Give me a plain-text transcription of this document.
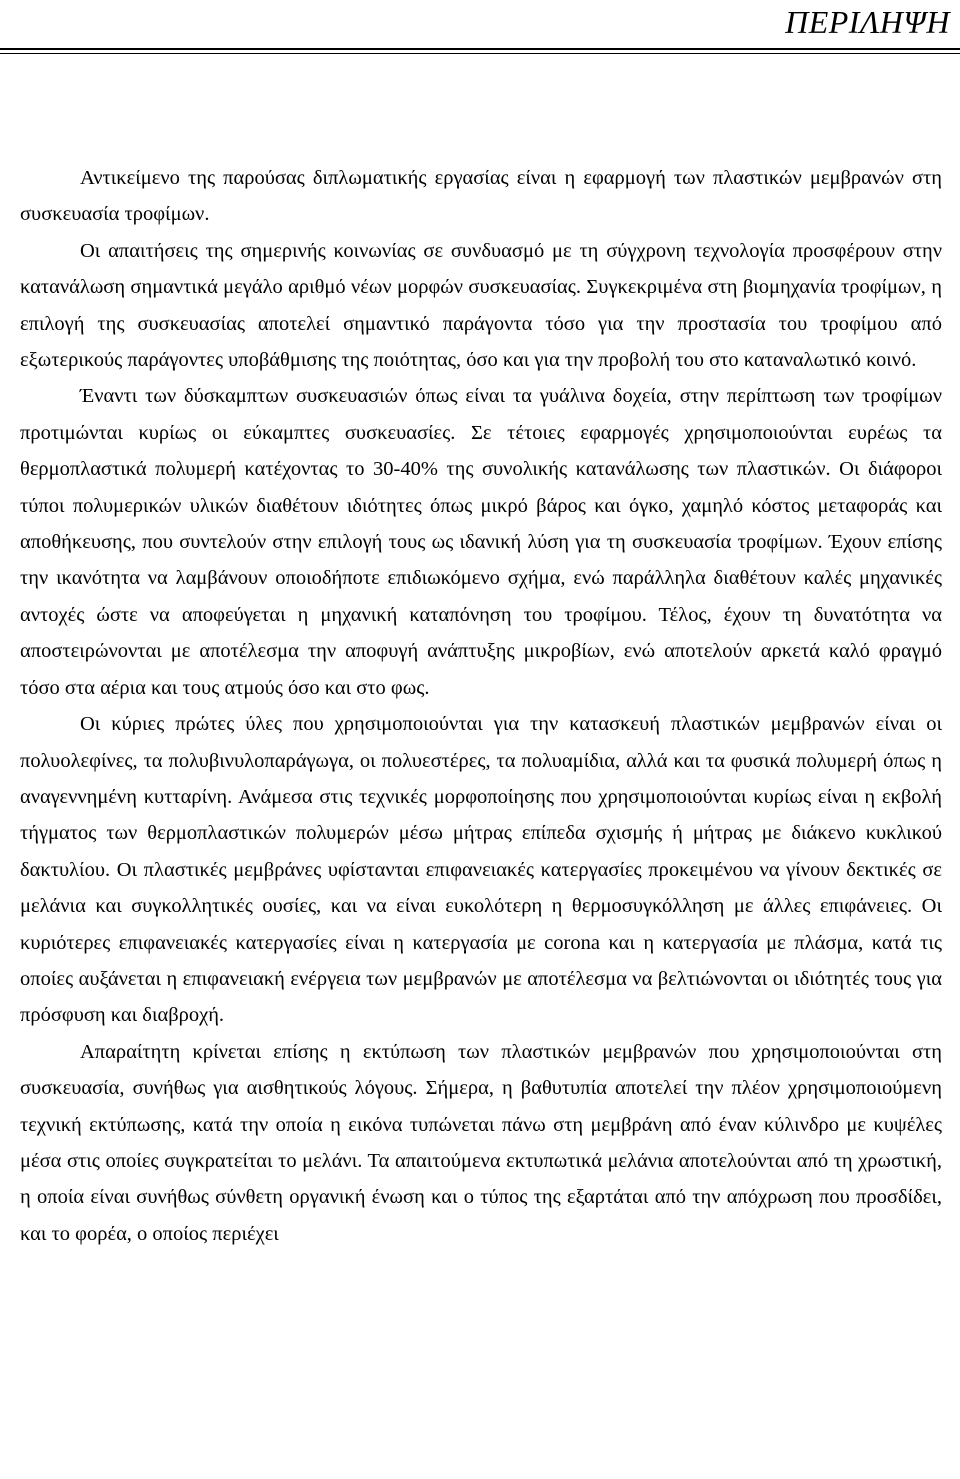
ΠΕΡΙΛΗΨΗ

Αντικείμενο της παρούσας διπλωματικής εργασίας είναι η εφαρμογή των πλαστικών μεμβρανών στη συσκευασία τροφίμων.

Οι απαιτήσεις της σημερινής κοινωνίας σε συνδυασμό με τη σύγχρονη τεχνολογία προσφέρουν στην κατανάλωση σημαντικά μεγάλο αριθμό νέων μορφών συσκευασίας. Συγκεκριμένα στη βιομηχανία τροφίμων, η επιλογή της συσκευασίας αποτελεί σημαντικό παράγοντα τόσο για την προστασία του τροφίμου από εξωτερικούς παράγοντες υποβάθμισης της ποιότητας, όσο και για την προβολή του στο καταναλωτικό κοινό.

Έναντι των δύσκαμπτων συσκευασιών όπως είναι τα γυάλινα δοχεία, στην περίπτωση των τροφίμων προτιμώνται κυρίως οι εύκαμπτες συσκευασίες. Σε τέτοιες εφαρμογές χρησιμοποιούνται ευρέως τα θερμοπλαστικά πολυμερή κατέχοντας το 30-40% της συνολικής κατανάλωσης των πλαστικών. Οι διάφοροι τύποι πολυμερικών υλικών διαθέτουν ιδιότητες όπως μικρό βάρος και όγκο, χαμηλό κόστος μεταφοράς και αποθήκευσης, που συντελούν στην επιλογή τους ως ιδανική λύση για τη συσκευασία τροφίμων. Έχουν επίσης την ικανότητα να λαμβάνουν οποιοδήποτε επιδιωκόμενο σχήμα, ενώ παράλληλα διαθέτουν καλές μηχανικές αντοχές ώστε να αποφεύγεται η μηχανική καταπόνηση του τροφίμου. Τέλος, έχουν τη δυνατότητα να αποστειρώνονται με αποτέλεσμα την αποφυγή ανάπτυξης μικροβίων, ενώ αποτελούν αρκετά καλό φραγμό τόσο στα αέρια και τους ατμούς όσο και στο φως.

Οι κύριες πρώτες ύλες που χρησιμοποιούνται για την κατασκευή πλαστικών μεμβρανών είναι οι πολυολεφίνες, τα πολυβινυλοπαράγωγα, οι πολυεστέρες, τα πολυαμίδια, αλλά και τα φυσικά πολυμερή όπως η αναγεννημένη κυτταρίνη. Ανάμεσα στις τεχνικές μορφοποίησης που χρησιμοποιούνται κυρίως είναι η εκβολή τήγματος των θερμοπλαστικών πολυμερών μέσω μήτρας επίπεδα σχισμής ή μήτρας με διάκενο κυκλικού δακτυλίου. Οι πλαστικές μεμβράνες υφίστανται επιφανειακές κατεργασίες προκειμένου να γίνουν δεκτικές σε μελάνια και συγκολλητικές ουσίες, και να είναι ευκολότερη η θερμοσυγκόλληση με άλλες επιφάνειες. Οι κυριότερες επιφανειακές κατεργασίες είναι η κατεργασία με corona και η κατεργασία με πλάσμα, κατά τις οποίες αυξάνεται η επιφανειακή ενέργεια των μεμβρανών με αποτέλεσμα να βελτιώνονται οι ιδιότητές τους για πρόσφυση και διαβροχή.

Απαραίτητη κρίνεται επίσης η εκτύπωση των πλαστικών μεμβρανών που χρησιμοποιούνται στη συσκευασία, συνήθως για αισθητικούς λόγους. Σήμερα, η βαθυτυπία αποτελεί την πλέον χρησιμοποιούμενη τεχνική εκτύπωσης, κατά την οποία η εικόνα τυπώνεται πάνω στη μεμβράνη από έναν κύλινδρο με κυψέλες μέσα στις οποίες συγκρατείται το μελάνι. Τα απαιτούμενα εκτυπωτικά μελάνια αποτελούνται από τη χρωστική, η οποία είναι συνήθως σύνθετη οργανική ένωση και ο τύπος της εξαρτάται από την απόχρωση που προσδίδει, και το φορέα, ο οποίος περιέχει
